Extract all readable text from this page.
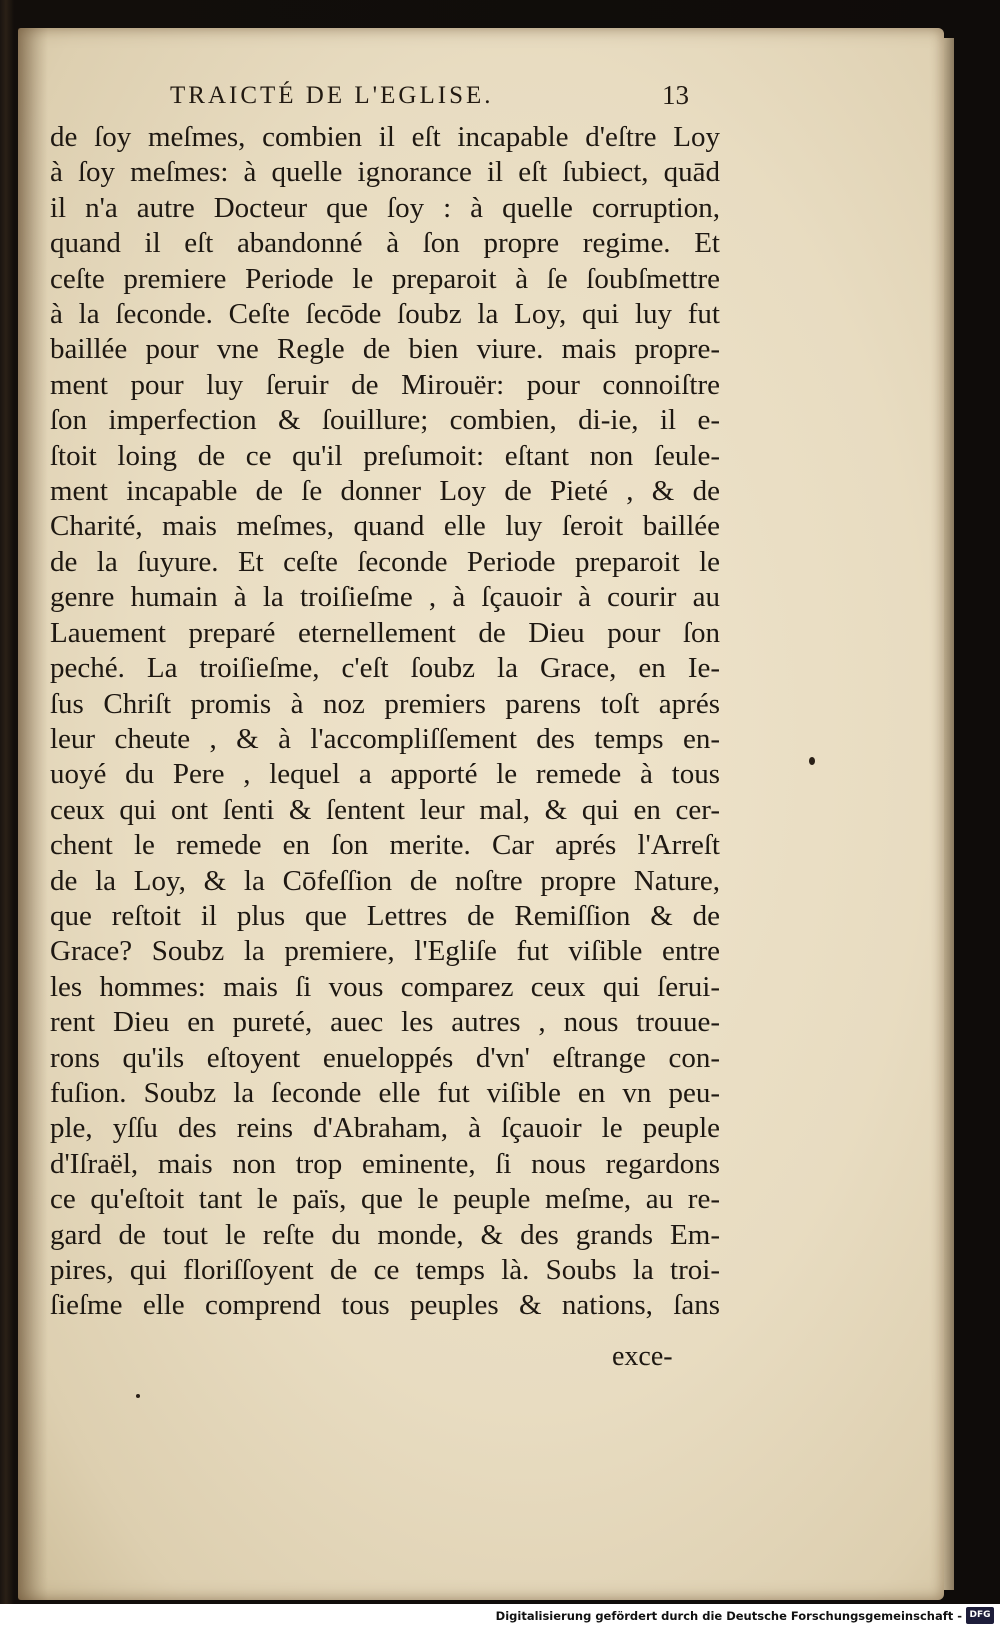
TRAICTÉ DE L'EGLISE.	13
de ſoy meſmes, combien il eſt incapable d'eſtre Loy
à ſoy meſmes: à quelle ignorance il eſt ſubiect, quād
il n'a autre Docteur que ſoy : à quelle corruption,
quand il eſt abandonné à ſon propre regime. Et
ceſte premiere Periode le preparoit à ſe ſoubſmettre
à la ſeconde. Ceſte ſecōde ſoubz la Loy, qui luy fut
baillée pour vne Regle de bien viure. mais propre-
ment pour luy ſeruir de Mirouër: pour connoiſtre
ſon imperfection & ſouillure; combien, di-ie, il e-
ſtoit loing de ce qu'il preſumoit: eſtant non ſeule-
ment incapable de ſe donner Loy de Pieté , & de
Charité, mais meſmes, quand elle luy ſeroit baillée
de la ſuyure. Et ceſte ſeconde Periode preparoit le
genre humain à la troiſieſme , à ſçauoir à courir au
Lauement preparé eternellement de Dieu pour ſon
peché. La troiſieſme, c'eſt ſoubz la Grace, en Ie-
ſus Chriſt promis à noz premiers parens toſt aprés
leur cheute , & à l'accompliſſement des temps en-
uoyé du Pere , lequel a apporté le remede à tous
ceux qui ont ſenti & ſentent leur mal, & qui en cer-
chent le remede en ſon merite. Car aprés l'Arreſt
de la Loy, & la Cōfeſſion de noſtre propre Nature,
que reſtoit il plus que Lettres de Remiſſion & de
Grace? Soubz la premiere, l'Egliſe fut viſible entre
les hommes: mais ſi vous comparez ceux qui ſerui-
rent Dieu en pureté, auec les autres , nous trouue-
rons qu'ils eſtoyent enueloppés d'vn' eſtrange con-
fuſion. Soubz la ſeconde elle fut viſible en vn peu-
ple, yſſu des reins d'Abraham, à ſçauoir le peuple
d'Iſraël, mais non trop eminente, ſi nous regardons
ce qu'eſtoit tant le païs, que le peuple meſme, au re-
gard de tout le reſte du monde, & des grands Em-
pires, qui floriſſoyent de ce temps là. Soubs la troi-
ſieſme elle comprend tous peuples & nations, ſans
exce-
Digitalisierung gefördert durch die Deutsche Forschungsgemeinschaft - DFG
